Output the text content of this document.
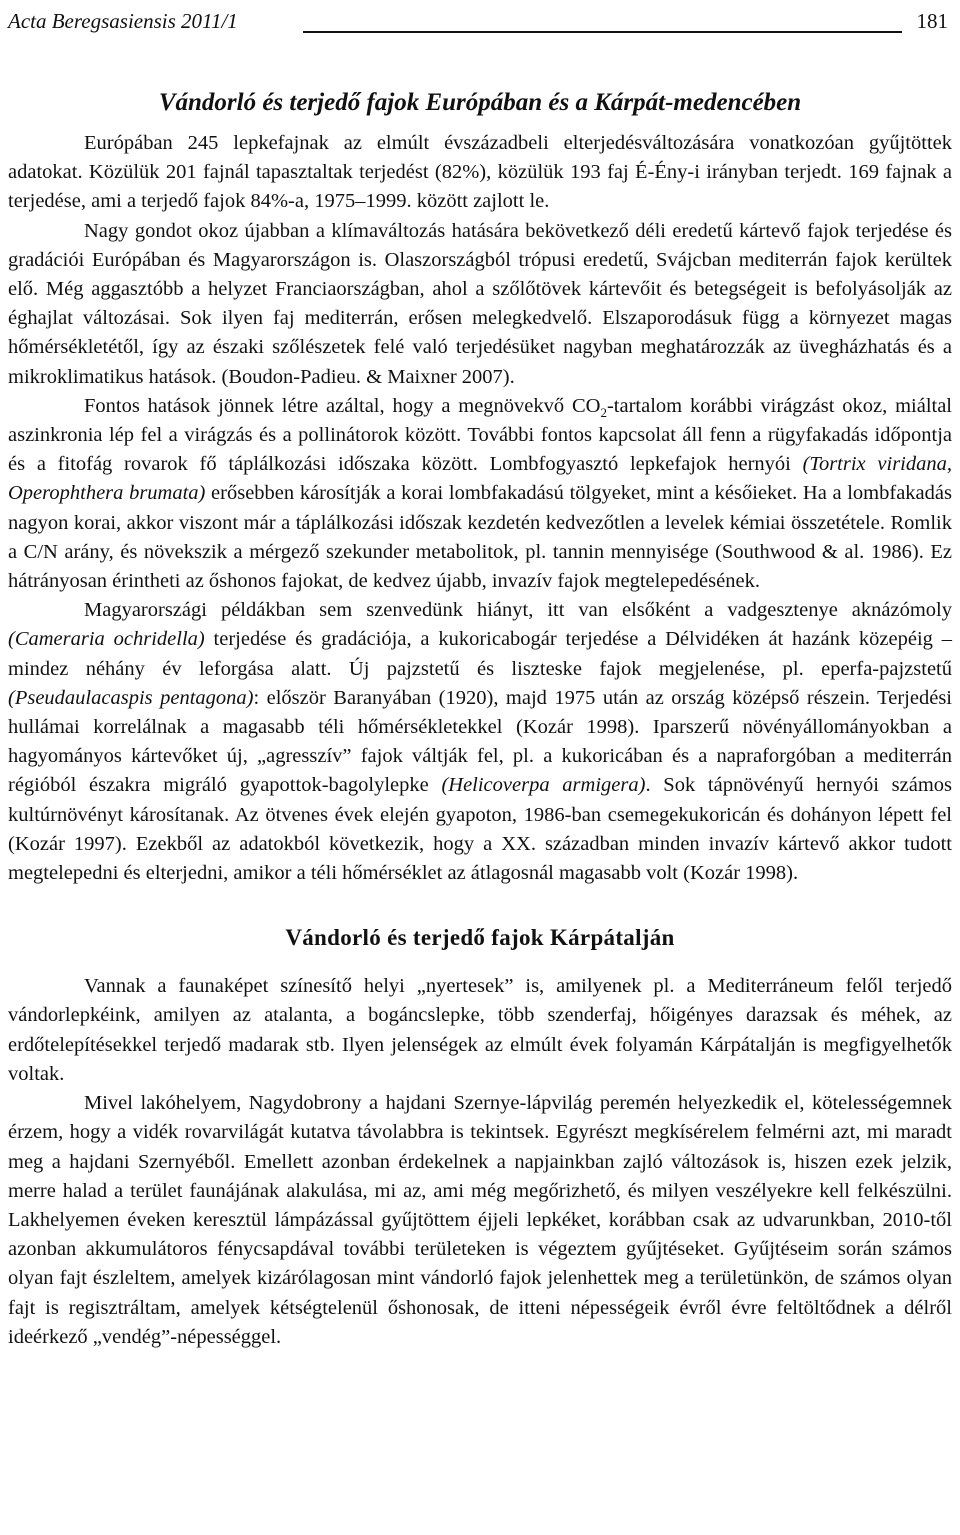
Acta Beregsasiensis 2011/1	181
Vándorló és terjedő fajok Európában és a Kárpát-medencében

Európában 245 lepkefajnak az elmúlt évszázadbeli elterjedésváltozására vonatkozóan gyűjtöttek adatokat. Közülük 201 fajnál tapasztaltak terjedést (82%), közülük 193 faj É-Ény-i irányban terjedt. 169 fajnak a terjedése, ami a terjedő fajok 84%-a, 1975–1999. között zajlott le.

Nagy gondot okoz újabban a klímaváltozás hatására bekövetkező déli eredetű kártevő fajok terjedése és gradációi Európában és Magyarországon is. Olaszországból trópusi eredetű, Svájcban mediterrán fajok kerültek elő. Még aggasztóbb a helyzet Franciaországban, ahol a szőlőtövek kártevőit és betegségeit is befolyásolják az éghajlat változásai. Sok ilyen faj mediterrán, erősen melegkedvelő. Elszaporodásuk függ a környezet magas hőmérsékletétől, így az északi szőlészetek felé való terjedésüket nagyban meghatározzák az üvegházhatás és a mikroklimatikus hatások. (Boudon-Padieu. & Maixner 2007).

Fontos hatások jönnek létre azáltal, hogy a megnövekvő $CO_2$-tartalom korábbi virágzást okoz, miáltal aszinkronia lép fel a virágzás és a pollinátorok között. További fontos kapcsolat áll fenn a rügyfakadás időpontja és a fitofág rovarok fő táplálkozási időszaka között. Lombfogyasztó lepkefajok hernyói (Tortrix viridana, Operophthera brumata) erősebben károsítják a korai lombfakadású tölgyeket, mint a későieket. Ha a lombfakadás nagyon korai, akkor viszont már a táplálkozási időszak kezdetén kedvezőtlen a levelek kémiai összetétele. Romlik a C/N arány, és növekszik a mérgező szekunder metabolitok, pl. tannin mennyisége (Southwood & al. 1986). Ez hátrányosan érintheti az őshonos fajokat, de kedvez újabb, invazív fajok megtelepedésének.

Magyarországi példákban sem szenvedünk hiányt, itt van elsőként a vadgesztenye aknázómoly (Cameraria ochridella) terjedése és gradációja, a kukoricabogár terjedése a Délvidéken át hazánk közepéig – mindez néhány év leforgása alatt. Új pajzstetű és liszteske fajok megjelenése, pl. eperfa-pajzstetű (Pseudaulacaspis pentagona): először Baranyában (1920), majd 1975 után az ország középső részein. Terjedési hullámai korrelálnak a magasabb téli hőmérsékletekkel (Kozár 1998). Iparszerű növényállományokban a hagyományos kártevőket új, „agresszív” fajok váltják fel, pl. a kukoricában és a napraforgóban a mediterrán régióból északra migráló gyapottok-bagolylepke (Helicoverpa armigera). Sok tápnövényű hernyói számos kultúrnövényt károsítanak. Az ötvenes évek elején gyapoton, 1986-ban csemegekukoricán és dohányon lépett fel (Kozár 1997). Ezekből az adatokból következik, hogy a XX. században minden invazív kártevő akkor tudott megtelepedni és elterjedni, amikor a téli hőmérséklet az átlagosnál magasabb volt (Kozár 1998).

Vándorló és terjedő fajok Kárpátalján

Vannak a faunaképet színesítő helyi „nyertesek” is, amilyenek pl. a Mediterráneum felől terjedő vándorlepkéink, amilyen az atalanta, a bogáncslepke, több szenderfaj, hőigényes darazsak és méhek, az erdőtelepítésekkel terjedő madarak stb. Ilyen jelenségek az elmúlt évek folyamán Kárpátalján is megfigyelhetők voltak.

Mivel lakóhelyem, Nagydobrony a hajdani Szernye-lápvilág peremén helyezkedik el, kötelességemnek érzem, hogy a vidék rovarvilágát kutatva távolabbra is tekintsek. Egyrészt megkísérelem felmérni azt, mi maradt meg a hajdani Szernyéből. Emellett azonban érdekelnek a napjainkban zajló változások is, hiszen ezek jelzik, merre halad a terület faunájának alakulása, mi az, ami még megőrizhető, és milyen veszélyekre kell felkészülni. Lakhelyemen éveken keresztül lámpázással gyűjtöttem éjjeli lepkéket, korábban csak az udvarunkban, 2010-től azonban akkumulátoros fénycsapdával további területeken is végeztem gyűjtéseket. Gyűjtéseim során számos olyan fajt észleltem, amelyek kizárólagosan mint vándorló fajok jelenhettek meg a területünkön, de számos olyan fajt is regisztráltam, amelyek kétségtelenül őshonosak, de itteni népességeik évről évre feltöltődnek a délről ideérkező „vendég”-népességgel.
